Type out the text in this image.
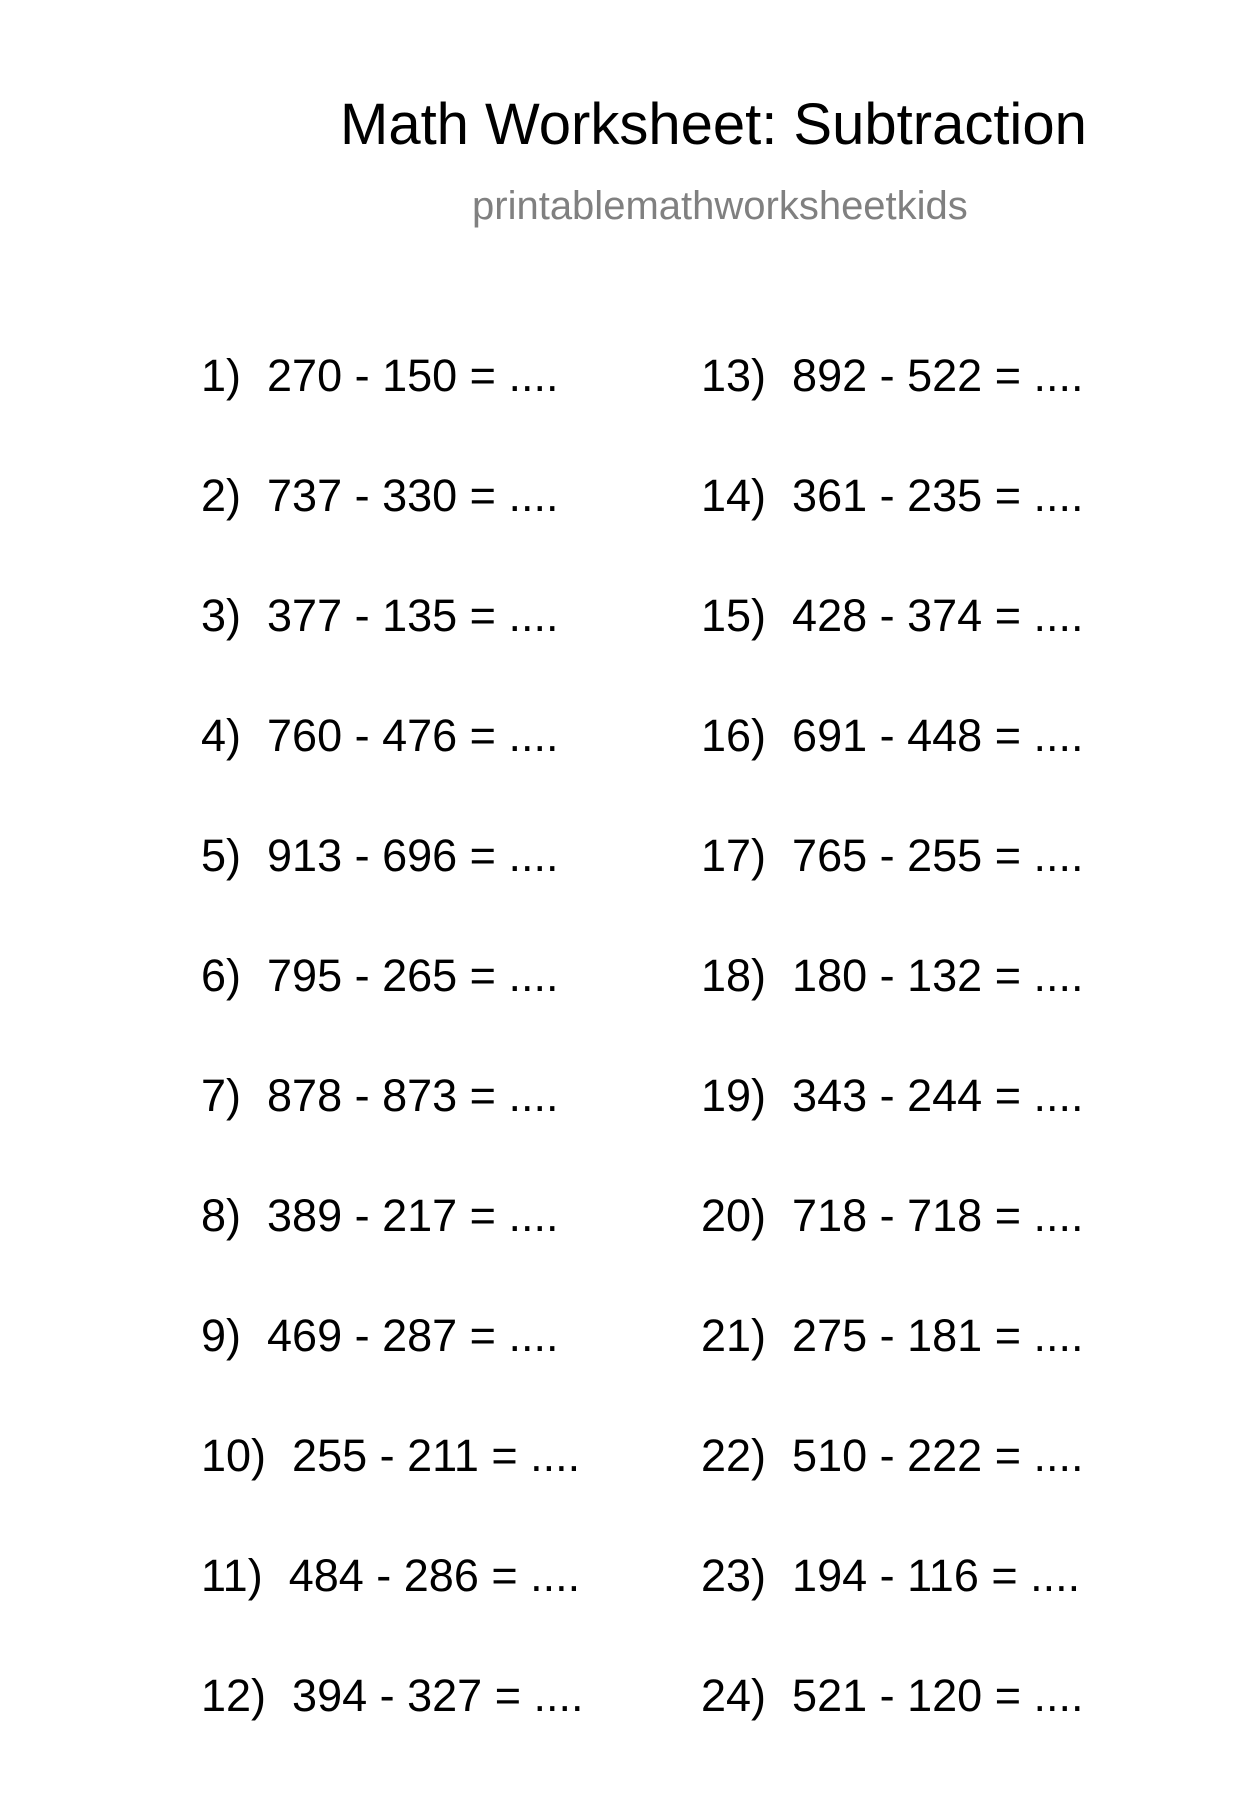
Math Worksheet: Subtraction
printablemathworksheetkids
1) 270 - 150 = ....
2) 737 - 330 = ....
3) 377 - 135 = ....
4) 760 - 476 = ....
5) 913 - 696 = ....
6) 795 - 265 = ....
7) 878 - 873 = ....
8) 389 - 217 = ....
9) 469 - 287 = ....
10) 255 - 211 = ....
11) 484 - 286 = ....
12) 394 - 327 = ....
13) 892 - 522 = ....
14) 361 - 235 = ....
15) 428 - 374 = ....
16) 691 - 448 = ....
17) 765 - 255 = ....
18) 180 - 132 = ....
19) 343 - 244 = ....
20) 718 - 718 = ....
21) 275 - 181 = ....
22) 510 - 222 = ....
23) 194 - 116 = ....
24) 521 - 120 = ....
